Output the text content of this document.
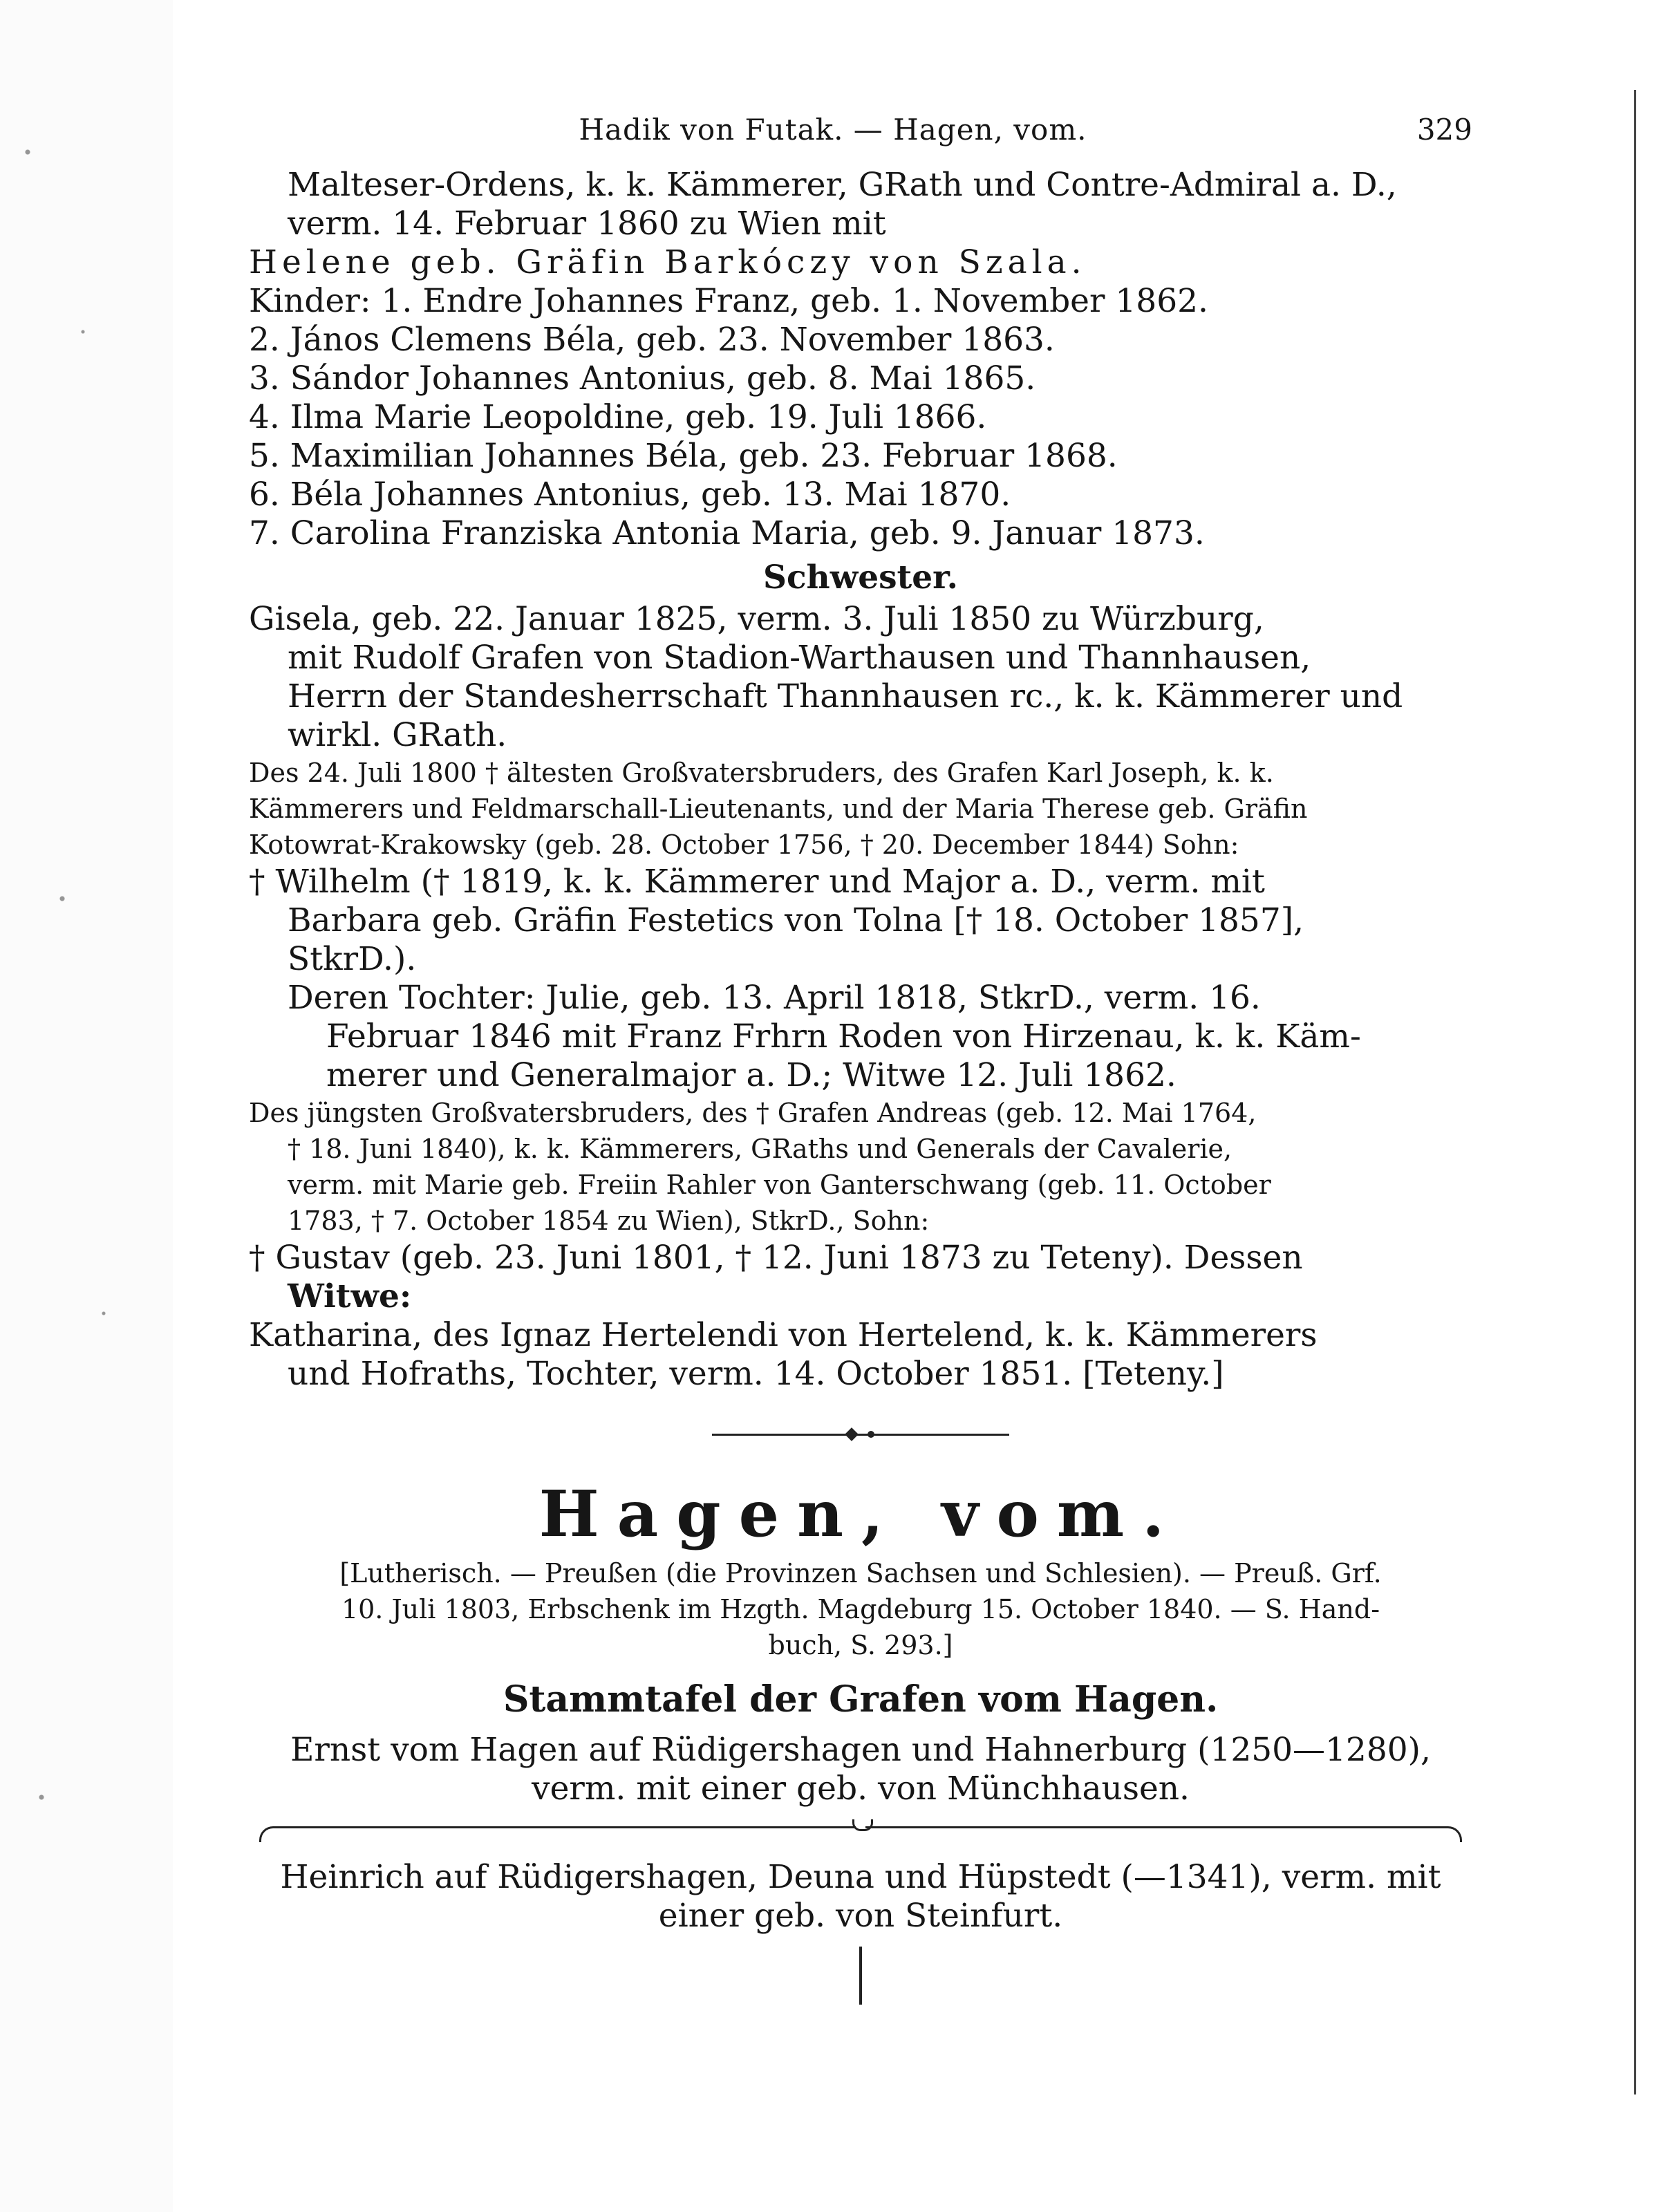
Hadik von Futak. — Hagen, vom.	329
Malteser-Ordens, k. k. Kämmerer, GRath und Contre-Admiral a. D.,
verm. 14. Februar 1860 zu Wien mit
Helene geb. Gräfin Barkóczy von Szala.
Kinder: 1. Endre Johannes Franz, geb. 1. November 1862.
2. János Clemens Béla, geb. 23. November 1863.
3. Sándor Johannes Antonius, geb. 8. Mai 1865.
4. Ilma Marie Leopoldine, geb. 19. Juli 1866.
5. Maximilian Johannes Béla, geb. 23. Februar 1868.
6. Béla Johannes Antonius, geb. 13. Mai 1870.
7. Carolina Franziska Antonia Maria, geb. 9. Januar 1873.
Schwester.
Gisela, geb. 22. Januar 1825, verm. 3. Juli 1850 zu Würzburg,
mit Rudolf Grafen von Stadion-Warthausen und Thannhausen,
Herrn der Standesherrschaft Thannhausen rc., k. k. Kämmerer und
wirkl. GRath.
Des 24. Juli 1800 † ältesten Großvatersbruders, des Grafen Karl Joseph, k. k.
Kämmerers und Feldmarschall-Lieutenants, und der Maria Therese geb. Gräfin
Kotowrat-Krakowsky (geb. 28. October 1756, † 20. December 1844) Sohn:
† Wilhelm († 1819, k. k. Kämmerer und Major a. D., verm. mit
Barbara geb. Gräfin Festetics von Tolna [† 18. October 1857],
StkrD.).
Deren Tochter: Julie, geb. 13. April 1818, StkrD., verm. 16.
Februar 1846 mit Franz Frhrn Roden von Hirzenau, k. k. Käm-
merer und Generalmajor a. D.; Witwe 12. Juli 1862.
Des jüngsten Großvatersbruders, des † Grafen Andreas (geb. 12. Mai 1764,
† 18. Juni 1840), k. k. Kämmerers, GRaths und Generals der Cavalerie,
verm. mit Marie geb. Freiin Rahler von Ganterschwang (geb. 11. October
1783, † 7. October 1854 zu Wien), StkrD., Sohn:
† Gustav (geb. 23. Juni 1801, † 12. Juni 1873 zu Teteny). Dessen
Witwe:
Katharina, des Ignaz Hertelendi von Hertelend, k. k. Kämmerers
und Hofraths, Tochter, verm. 14. October 1851. [Teteny.]
Hagen, vom.
[Lutherisch. — Preußen (die Provinzen Sachsen und Schlesien). — Preuß. Grf.
10. Juli 1803, Erbschenk im Hzgth. Magdeburg 15. October 1840. — S. Hand-
buch, S. 293.]
Stammtafel der Grafen vom Hagen.
Ernst vom Hagen auf Rüdigershagen und Hahnerburg (1250—1280),
verm. mit einer geb. von Münchhausen.
Heinrich auf Rüdigershagen, Deuna und Hüpstedt (—1341), verm. mit
einer geb. von Steinfurt.
